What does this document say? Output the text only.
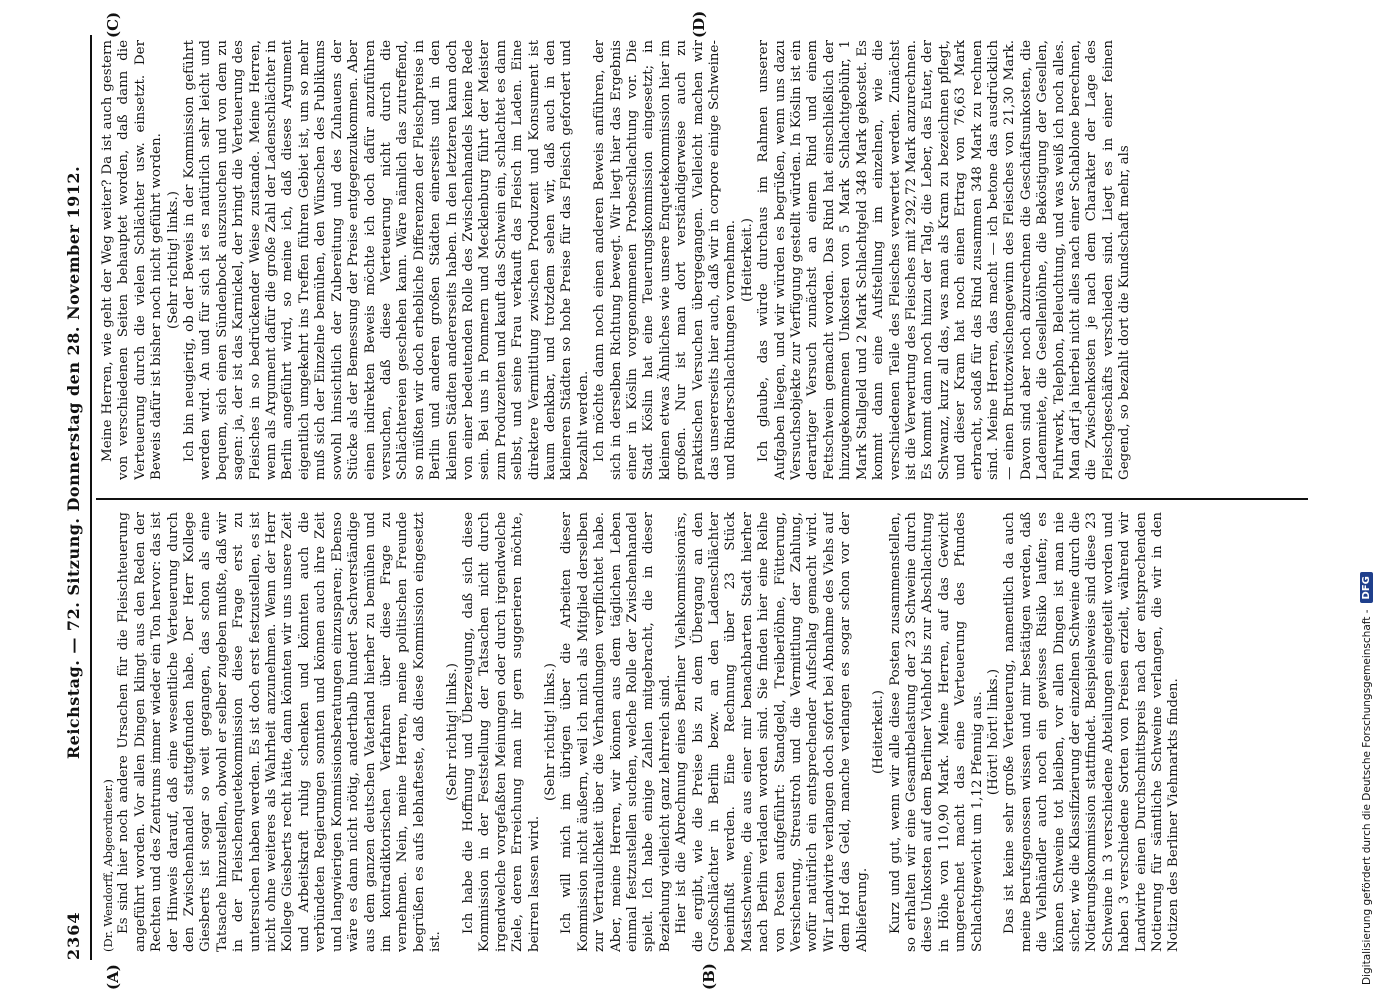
2364
Reichstag. — 72. Sitzung. Donnerstag den 28. November 1912.
(A)	(B)
(C)	(D)

(Dr. Wendorff, Abgeordneter.) Es sind hier noch andere Ursachen für die Fleischteuerung angeführt worden. Vor allen Dingen klingt aus den Reden der Rechten und des Zentrums immer wieder ein Ton hervor: das ist der Hinweis darauf, daß eine wesentliche Verteuerung durch den Zwischenhandel stattgefunden habe. Der Herr Kollege Giesberts ist sogar so weit gegangen, das schon als eine Tatsache hinzustellen, obwohl er selber zugeben mußte, daß wir in der Fleischenquetekommission diese Frage erst zu untersuchen haben werden. Es ist doch erst festzustellen, es ist nicht ohne weiteres als Wahrheit anzunehmen. Wenn der Herr Kollege Giesberts recht hätte, dann könnten wir uns unsere Zeit und Arbeitskraft ruhig schenken und könnten auch die verbündeten Regierungen sonnten und können auch ihre Zeit und langwierigen Kommissionsberatungen einzusparen; Ebenso wäre es dann nicht nötig, anderthalb hundert Sachverständige aus dem ganzen deutschen Vaterland hierher zu bemühen und im kontradiktorischen Verfahren über diese Frage zu vernehmen. Nein, meine Herren, meine politischen Freunde begrüßen es aufs lebhafteste, daß diese Kommission eingesetzt ist.

(Sehr richtig! links.) Ich habe die Hoffnung und Überzeugung, daß sich diese Kommission in der Feststellung der Tatsachen nicht durch irgendwelche vorgefaßten Meinungen oder durch irgendwelche Ziele, deren Erreichung man ihr gern suggerieren möchte, beirren lassen wird.

(Sehr richtig! links.) Ich will mich im übrigen über die Arbeiten dieser Kommission nicht äußern, weil ich mich als Mitglied derselben zur Vertraulichkeit über die Verhandlungen verpflichtet habe. Aber, meine Herren, wir können aus dem täglichen Leben einmal festzustellen suchen, welche Rolle der Zwischenhandel spielt. Ich habe einige Zahlen mitgebracht, die in dieser Beziehung vielleicht ganz lehrreich sind. Hier ist die Abrechnung eines Berliner Viehkommissionärs, die ergibt, wie die Preise bis zu dem Übergang an den Großschlächter in Berlin bezw. an den Ladenschlächter beeinflußt werden. Eine Rechnung über 23 Stück Mastschweine, die aus einer mir benachbarten Stadt hierher nach Berlin verladen worden sind. Sie finden hier eine Reihe von Posten aufgeführt: Standgeld, Treiberlöhne, Fütterung, Versicherung, Streustroh und die Vermittlung der Zahlung, wofür natürlich ein entsprechender Aufschlag gemacht wird. Wir Landwirte verlangen doch sofort bei Abnahme des Viehs auf dem Hof das Geld, manche verlangen es sogar schon vor der Ablieferung.

(Heiterkeit.) Kurz und gut, wenn wir alle diese Posten zusammenstellen, so erhalten wir eine Gesamtbelastung der 23 Schweine durch diese Unkosten auf dem Berliner Viehhof bis zur Abschlachtung in Höhe von 110,90 Mark. Meine Herren, auf das Gewicht umgerechnet macht das eine Verteuerung des Pfundes Schlachtgewicht um 1,12 Pfennig aus. (Hört! hört! links.) Das ist keine sehr große Verteuerung, namentlich da auch meine Berufsgenossen wissen und mir bestätigen werden, daß die Viehhändler auch noch ein gewisses Risiko laufen; es können Schweine tot bleiben, vor allen Dingen ist man nie sicher, wie die Klassifizierung der einzelnen Schweine durch die Notierungskommission stattfindet. Beispielsweise sind diese 23 Schweine in 3 verschiedene Abteilungen eingeteilt worden und haben 3 verschiedene Sorten von Preisen erzielt, während wir Landwirte einen Durchschnittspreis nach der entsprechenden Notierung für sämtliche Schweine verlangen, die wir in den Notizen des Berliner Viehmarkts finden.

Meine Herren, wie geht der Weg weiter? Da ist auch gestern von verschiedenen Seiten behauptet worden, daß dann die Verteuerung durch die vielen Schlächter usw. einsetzt. Der Beweis dafür ist bisher noch nicht geführt worden. (Sehr richtig! links.) Ich bin neugierig, ob der Beweis in der Kommission geführt werden wird. An und für sich ist es natürlich sehr leicht und bequem, sich einen Sündenbock auszusuchen und von dem zu sagen: ja, der ist das Karnickel, der bringt die Verteuerung des Fleisches in so bedrückender Weise zustande. Meine Herren, wenn als Argument dafür die große Zahl der Ladenschlächter in Berlin angeführt wird, so meine ich, daß dieses Argument eigentlich umgekehrt ins Treffen führen Gebiet ist, um so mehr muß sich der Einzelne bemühen, den Wünschen des Publikums sowohl hinsichtlich der Zubereitung und des Zuhauens der Stücke als der Bemessung der Preise entgegenzukommen. Aber einen indirekten Beweis möchte ich doch dafür anzuführen versuchen, daß diese Verteuerung nicht durch die Schlächtereien geschehen kann. Wäre nämlich das zutreffend, so müßten wir doch erhebliche Differenzen der Fleischpreise in Berlin und anderen großen Städten einerseits und in den kleinen Städten andererseits haben. In den letzteren kann doch von einer bedeutenden Rolle des Zwischenhandels keine Rede sein. Bei uns in Pommern und Mecklenburg führt der Meister zum Produzenten und kauft das Schwein ein, schlachtet es dann selbst, und seine Frau verkauft das Fleisch im Laden. Eine direktere Vermittlung zwischen Produzent und Konsument ist kaum denkbar, und trotzdem sehen wir, daß auch in den kleineren Städten so hohe Preise für das Fleisch gefordert und bezahlt werden. Ich möchte dann noch einen anderen Beweis anführen, der sich in derselben Richtung bewegt. Wir liegt hier das Ergebnis einer in Köslin vorgenommenen Probeschlachtung vor. Die Stadt Köslin hat eine Teuerungskommission eingesetzt; in kleinen etwas Ähnliches wie unsere Enquetekommission hier im großen. Nur ist man dort verständigerweise auch zu praktischen Versuchen übergegangen. Vielleicht machen wir das unsererseits hier auch, daß wir in corpore einige Schweine- und Rinderschlachtungen vornehmen. (Heiterkeit.) Ich glaube, das würde durchaus im Rahmen unserer Aufgaben liegen, und wir würden es begrüßen, wenn uns dazu Versuchsobjekte zur Verfügung gestellt würden. In Köslin ist ein derartiger Versuch zunächst an einem Rind und einem Fettschwein gemacht worden. Das Rind hat einschließlich der hinzugekommenen Unkosten von 5 Mark Schlachtgebühr, 1 Mark Stallgeld und 2 Mark Schlachtgeld 348 Mark gekostet. Es kommt dann eine Aufstellung im einzelnen, wie die verschiedenen Teile des Fleisches verwertet werden. Zunächst ist die Verwertung des Fleisches mit 292,72 Mark anzurechnen. Es kommt dann noch hinzu der Talg, die Leber, das Euter, der Schwanz, kurz all das, was man als Kram zu bezeichnen pflegt, und dieser Kram hat noch einen Ertrag von 76,63 Mark erbracht, sodaß für das Rind zusammen 348 Mark zu rechnen sind. Meine Herren, das macht — ich betone das ausdrücklich — einen Bruttozwischengewinn des Fleisches von 21,30 Mark. Davon sind aber noch abzurechnen die Geschäftsunkosten, die Ladenmiete, die Gesellenlöhne, die Beköstigung der Gesellen, Fuhrwerk, Telephon, Beleuchtung, und was weiß ich noch alles. Man darf ja hierbei nicht alles nach einer Schablone berechnen, die Zwischenkosten je nach dem Charakter der Lage des Fleischgeschäfts verschieden sind. Liegt es in einer feinen Gegend, so bezahlt dort die Kundschaft mehr, als

Digitalisierung gefördert durch die Deutsche Forschungsgemeinschaft -
DFG
